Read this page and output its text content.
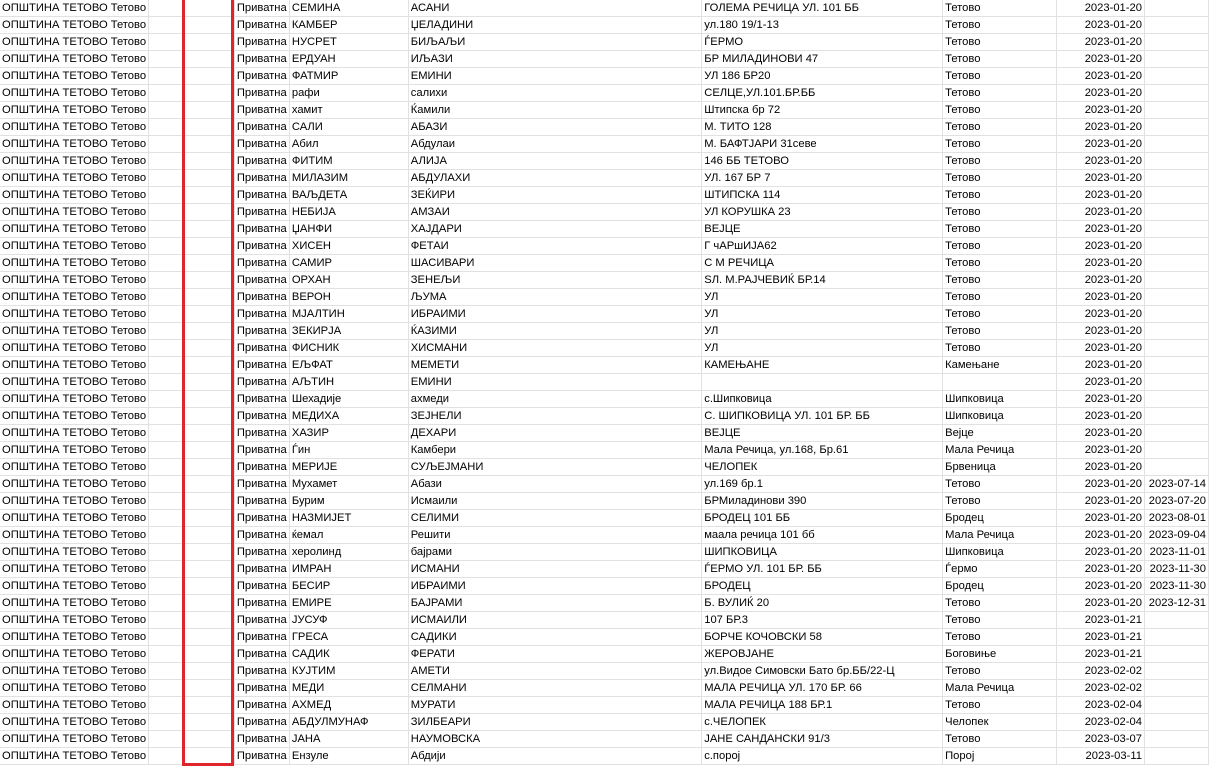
ОПШТИНА ТЕТОВО Тетово		Приватна	СЕМИНА	АСАНИ	ГОЛЕМА РЕЧИЦА УЛ. 101 ББ	Тетово	2023-01-20	
ОПШТИНА ТЕТОВО Тетово		Приватна	КАМБЕР	ЏЕЛАДИНИ	ул.180 19/1-13	Тетово	2023-01-20	
ОПШТИНА ТЕТОВО Тетово		Приватна	НУСРЕТ	БИЉАЉИ	ЃЕРМО	Тетово	2023-01-20	
ОПШТИНА ТЕТОВО Тетово		Приватна	ЕРДУАН	ИЉАЗИ	БР МИЛАДИНОВИ 47	Тетово	2023-01-20	
ОПШТИНА ТЕТОВО Тетово		Приватна	ФАТМИР	ЕМИНИ	УЛ 186 БР20	Тетово	2023-01-20	
ОПШТИНА ТЕТОВО Тетово		Приватна	рафи	салихи	СЕЛЦЕ,УЛ.101.БР.ББ	Тетово	2023-01-20	
ОПШТИНА ТЕТОВО Тетово		Приватна	хамит	Ќамили	Штипска бр 72	Тетово	2023-01-20	
ОПШТИНА ТЕТОВО Тетово		Приватна	САЛИ	АБАЗИ	М. ТИТО 128	Тетово	2023-01-20	
ОПШТИНА ТЕТОВО Тетово		Приватна	Абил	Абдулаи	М. БАФТЈАРИ 31севе	Тетово	2023-01-20	
ОПШТИНА ТЕТОВО Тетово		Приватна	ФИТИМ	АЛИЈА	146 ББ ТЕТОВО	Тетово	2023-01-20	
ОПШТИНА ТЕТОВО Тетово		Приватна	МИЛАЗИМ	АБДУЛАХИ	УЛ. 167 БР 7	Тетово	2023-01-20	
ОПШТИНА ТЕТОВО Тетово		Приватна	ВАЉДЕТА	ЗЕЌИРИ	ШТИПСКА 114	Тетово	2023-01-20	
ОПШТИНА ТЕТОВО Тетово		Приватна	НЕБИЈА	АМЗАИ	УЛ КОРУШКА 23	Тетово	2023-01-20	
ОПШТИНА ТЕТОВО Тетово		Приватна	ЏАНФИ	ХАЈДАРИ	ВЕЈЦЕ	Тетово	2023-01-20	
ОПШТИНА ТЕТОВО Тетово		Приватна	ХИСЕН	ФЕТАИ	Г чАРшИЈА62	Тетово	2023-01-20	
ОПШТИНА ТЕТОВО Тетово		Приватна	САМИР	ШАСИВАРИ	С М РЕЧИЦА	Тетово	2023-01-20	
ОПШТИНА ТЕТОВО Тетово		Приватна	ОРХАН	ЗЕНЕЉИ	SЛ. М.РАЈЧЕВИЌ БР.14	Тетово	2023-01-20	
ОПШТИНА ТЕТОВО Тетово		Приватна	ВЕРОН	ЉУМА	УЛ	Тетово	2023-01-20	
ОПШТИНА ТЕТОВО Тетово		Приватна	МЈАЛТИН	ИБРАИМИ	УЛ	Тетово	2023-01-20	
ОПШТИНА ТЕТОВО Тетово		Приватна	ЗЕКИРЈА	ЌАЗИМИ	УЛ	Тетово	2023-01-20	
ОПШТИНА ТЕТОВО Тетово		Приватна	ФИСНИК	ХИСМАНИ	УЛ	Тетово	2023-01-20	
ОПШТИНА ТЕТОВО Тетово		Приватна	ЕЉФАТ	МЕМЕТИ	КАМЕЊАНЕ	Камењане	2023-01-20	
ОПШТИНА ТЕТОВО Тетово		Приватна	АЉТИН	ЕМИНИ			2023-01-20	
ОПШТИНА ТЕТОВО Тетово		Приватна	Шехадије	ахмеди	с.Шипковица	Шипковица	2023-01-20	
ОПШТИНА ТЕТОВО Тетово		Приватна	МЕДИХА	ЗЕЈНЕЛИ	С. ШИПКОВИЦА УЛ. 101 БР. ББ	Шипковица	2023-01-20	
ОПШТИНА ТЕТОВО Тетово		Приватна	ХАЗИР	ДЕХАРИ	ВЕЈЦЕ	Вејце	2023-01-20	
ОПШТИНА ТЕТОВО Тетово		Приватна	Ѓин	Камбери	Мала Речица, ул.168, Бр.61	Мала Речица	2023-01-20	
ОПШТИНА ТЕТОВО Тетово		Приватна	МЕРИЈЕ	СУЉЕЈМАНИ	ЧЕЛОПЕК	Брвеница	2023-01-20	
ОПШТИНА ТЕТОВО Тетово		Приватна	Мухамет	Абази	ул.169 бр.1	Тетово	2023-01-20	2023-07-14
ОПШТИНА ТЕТОВО Тетово		Приватна	Бурим	Исмаили	БРМиладинови 390	Тетово	2023-01-20	2023-07-20
ОПШТИНА ТЕТОВО Тетово		Приватна	НАЗМИЈЕТ	СЕЛИМИ	БРОДЕЦ 101 ББ	Бродец	2023-01-20	2023-08-01
ОПШТИНА ТЕТОВО Тетово		Приватна	ќемал	Решити	маала речица 101 бб	Мала Речица	2023-01-20	2023-09-04
ОПШТИНА ТЕТОВО Тетово		Приватна	херолинд	бајрами	ШИПКОВИЦА	Шипковица	2023-01-20	2023-11-01
ОПШТИНА ТЕТОВО Тетово		Приватна	ИМРАН	ИСМАНИ	ЃЕРМО УЛ. 101 БР. ББ	Ѓермо	2023-01-20	2023-11-30
ОПШТИНА ТЕТОВО Тетово		Приватна	БЕСИР	ИБРАИМИ	БРОДЕЦ	Бродец	2023-01-20	2023-11-30
ОПШТИНА ТЕТОВО Тетово		Приватна	ЕМИРЕ	БАЈРАМИ	Б. ВУЛИЌ 20	Тетово	2023-01-20	2023-12-31
ОПШТИНА ТЕТОВО Тетово		Приватна	ЈУСУФ	ИСМАИЛИ	107 БР.3	Тетово	2023-01-21	
ОПШТИНА ТЕТОВО Тетово		Приватна	ГРЕСА	САДИКИ	БОРЧЕ КОЧОВСКИ 58	Тетово	2023-01-21	
ОПШТИНА ТЕТОВО Тетово		Приватна	САДИК	ФЕРАТИ	ЖЕРОВЈАНЕ	Боговиње	2023-01-21	
ОПШТИНА ТЕТОВО Тетово		Приватна	КУЈТИМ	АМЕТИ	ул.Видое Симовски Бато бр.ББ/22-Ц	Тетово	2023-02-02	
ОПШТИНА ТЕТОВО Тетово		Приватна	МЕДИ	СЕЛМАНИ	МАЛА РЕЧИЦА УЛ. 170 БР. 66	Мала Речица	2023-02-02	
ОПШТИНА ТЕТОВО Тетово		Приватна	АХМЕД	МУРАТИ	МАЛА РЕЧИЦА 188 БР.1	Тетово	2023-02-04	
ОПШТИНА ТЕТОВО Тетово		Приватна	АБДУЛМУНАФ	ЗИЛБЕАРИ	с.ЧЕЛОПЕК	Челопек	2023-02-04	
ОПШТИНА ТЕТОВО Тетово		Приватна	ЈАНА	НАУМОВСКА	ЈАНЕ САНДАНСКИ 91/3	Тетово	2023-03-07	
ОПШТИНА ТЕТОВО Тетово		Приватна	Ензуле	Абдији	с.порој	Порој	2023-03-11	
